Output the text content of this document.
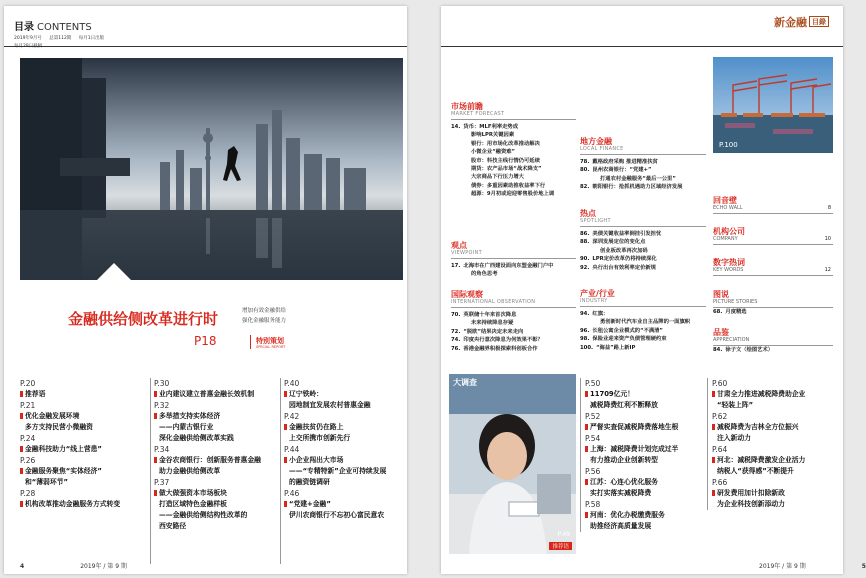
目录 CONTENTS
2019年9月号 总第112期 每月1日出版
金融供给侧改革进行时	增加有效金融供给
强化金融服务能力
P18	特别策划
SPECIAL REPORT
P.20
推荐语
P.21
优化金融发展环境
多方支持民营小微融资
P.24
金融科技助力“线上营患”
P.26
金融服务聚焦“实体经济”
和“薄弱环节”
P.28
机构改革推动金融服务方式转变
P.30
业内建议建立普惠金融长效机制
P.32
多举措支持实体经济
——内蒙古银行业
深化金融供给侧改革实践
P.34
金谷农商银行：创新服务普惠金融
助力金融供给侧改革
P.37
做大做强资本市场板块
打造区域特色金融样板
——金融供给侧结构性改革的
西安路径
P.40
辽宁铁岭：
园地制宜发展农村普惠金融
P.42
金融扶贫仍在路上
上交所携市创新先行
P.44
小企业闯出大市场
——“专精特新”企业可持续发展
的融资链调研
P.46
“党建+金融”
伊川农商银行不忘初心富民意农
4	2019年 / 第 9 期
新金融 目錄
市场前瞻
MARKET FORECAST
14. 货币：MLF利率走势成
影响LPR关键因素
银行：用市场化改革推动解决
小微企业“融资难”
股市：科技主线行情仍可延续
期货：农产品市场“战术降支”
大宗商品下行压力增大
债券：多重因素助推收益率下行
超源：9月初或迎迎零售股价地上调
观点
VIEWPOINT
17. 北海市在广西建设面向东盟金融门户中
的角色思考
国际观察
INTERNATIONAL OBSERVATION
70. 英联储十年来首次降息
未来持续降息存疑
72. “脱欧”结果决定未来走向
74. 印度央行意次降息为何效果不彰？
76. 香港金融界积极探索科创板合作
地方金融
LOCAL FINANCE
78. 戴格政府采购 推进精准扶贫
80. 昆州农商银行：“党建+”
打通农村金融服务“最后一公里”
82. 朝阳银行：抢抓机遇助力区域经济发展
热点
SPOTLIGHT
86. 美债关键收益率倒挂引发担忧
88. 深圳发展定位的变化点
创业板改革再次加码
90. LPR定价改革仍将持续深化
92. 央行出台有效利率定价新规
产业/行业
INDUSTRY
94. 红旗：
勇创新时代汽车业自主品牌的一面旗帜
96. 长租公寓企业模式的“不满清”
98. 保险业迎来资产负债管理硬约束
100. “海益”路上新IP
P.100
回音壁
ECHO WALL	8
机构公司
COMPANY	10
数字热词
KEY WORDS	12
图说
PICTURE STORIES
68. 月度精选
品鉴
APPRECIATION
84. 徐子文（绘图艺术）
大调查
P.49
推荐语
P.50
11709亿元！
减税降费红利不断释放
P.52
严督实查促减税降费落地生根
P.54
上海：减税降费计划完成过半
有力推动企业创新转型
P.56
江苏：心连心优化服务
实打实落实减税降费
P.58
河南：优化办税缴费服务
助推经济高质量发展
P.60
甘肃全力推进减税降费助企业
“轻装上阵”
P.62
减税降费为吉林全方位振兴
注入新动力
P.64
河北：减税降费激发企业活力
纳税人“获得感”不断提升
P.66
研发费用加计扣除新政
为企业科技创新添动力
2019年 / 第 9 期	5
